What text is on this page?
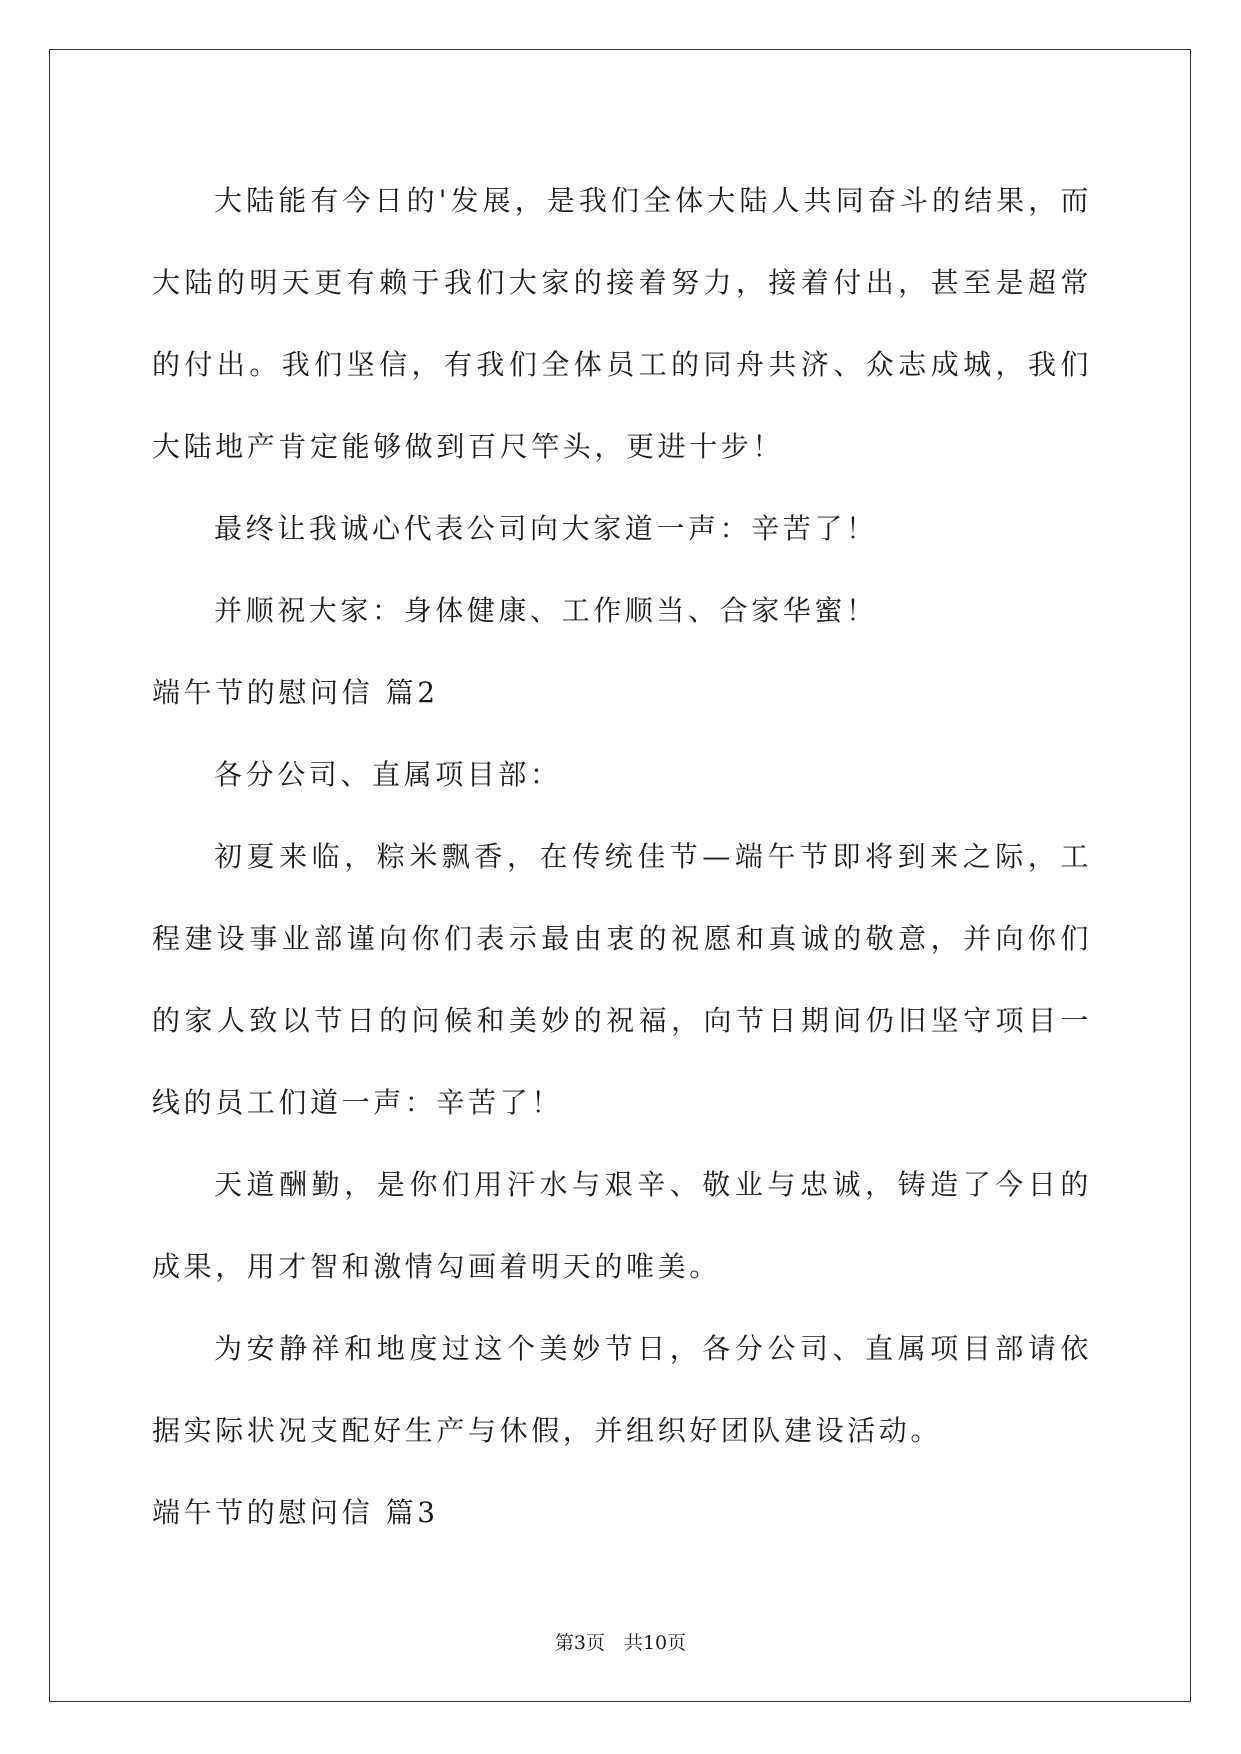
大陆能有今日的'发展，是我们全体大陆人共同奋斗的结果，而大陆的明天更有赖于我们大家的接着努力，接着付出，甚至是超常的付出。我们坚信，有我们全体员工的同舟共济、众志成城，我们大陆地产肯定能够做到百尺竿头，更进十步！

最终让我诚心代表公司向大家道一声：辛苦了！

并顺祝大家：身体健康、工作顺当、合家华蜜！

端午节的慰问信 篇2

各分公司、直属项目部：

初夏来临，粽米飘香，在传统佳节—端午节即将到来之际，工程建设事业部谨向你们表示最由衷的祝愿和真诚的敬意，并向你们的家人致以节日的问候和美妙的祝福，向节日期间仍旧坚守项目一线的员工们道一声：辛苦了！

天道酬勤，是你们用汗水与艰辛、敬业与忠诚，铸造了今日的成果，用才智和激情勾画着明天的唯美。

为安静祥和地度过这个美妙节日，各分公司、直属项目部请依据实际状况支配好生产与休假，并组织好团队建设活动。

端午节的慰问信 篇3

第3页　共10页
